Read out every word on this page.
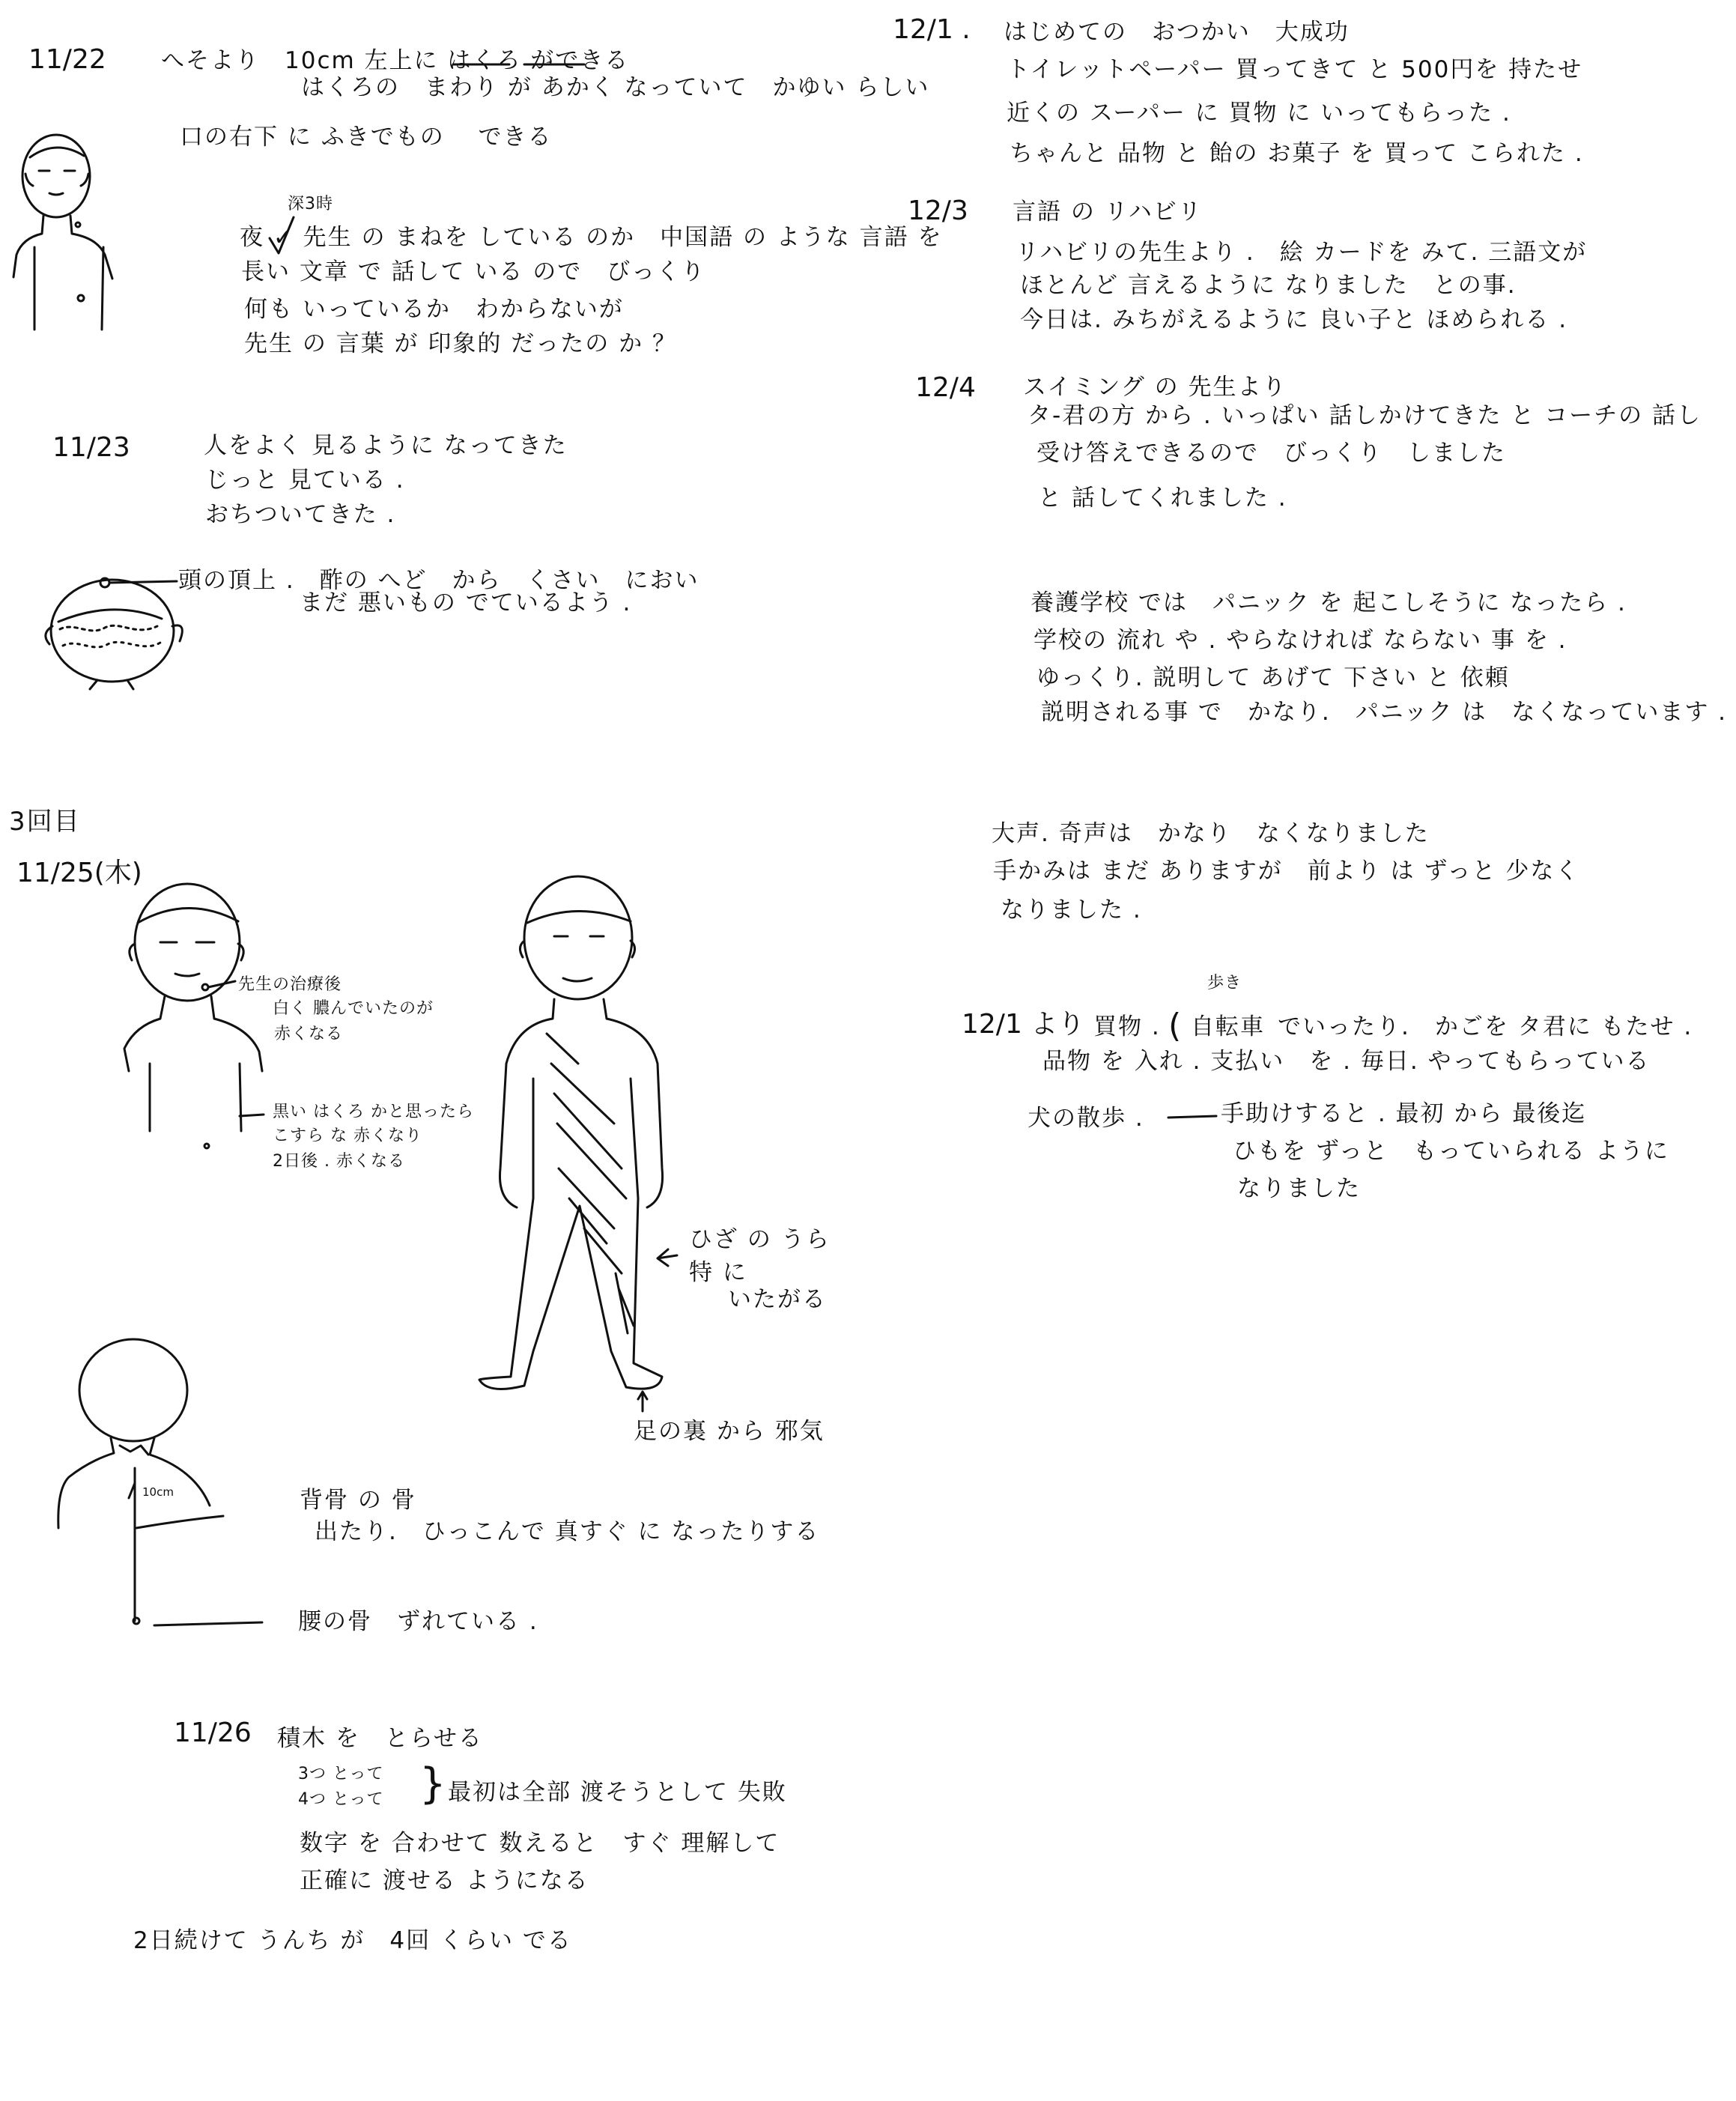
11/22 へそより　10cm 左上に はくろ ができる
はくろの　まわり が あかく なっていて　かゆい らしい
口の右下 に ふきでもの　 できる
深3時
夜 ✓ 先生 の まねを している のか　中国語 の ような 言語 を
長い 文章 で 話して いる ので　びっくり
何も いっているか　わからないが
先生 の 言葉 が 印象的 だったの か ？
11/23	人をよく 見るように なってきた
じっと 見ている .
おちついてきた .
頭の頂上 .　酢の へど　から　くさい　におい
まだ 悪いもの でているよう .
3回目
11/25(木)
先生の治療後
白く 膿んでいたのが
赤くなる
黒い はくろ かと思ったら
こすら な 赤くなり
2日後 . 赤くなる
ひざ の うら
特 に
いたがる
足の裏 から 邪気
10cm	背骨 の 骨
出たり.　ひっこんで 真すぐ に なったりする
腰の骨　ずれている .
11/26 積木 を　とらせる
3つ とって
4つ とって } 最初は全部 渡そうとして 失敗
数字 を 合わせて 数えると　すぐ 理解して
正確に 渡せる ようになる
2日続けて うんち が　4回 くらい でる
12/1 . はじめての　おつかい　大成功
トイレットペーパー 買ってきて と 500円を 持たせ
近くの スーパー に 買物 に いってもらった .
ちゃんと 品物 と 飴の お菓子 を 買って こられた .
12/3 言語 の リハビリ
リハビリの先生より .　絵 カードを みて. 三語文が
ほとんど 言えるように なりました　との事.
今日は. みちがえるように 良い子と ほめられる .
12/4 スイミング の 先生より
タ-君の方 から . いっぱい 話しかけてきた と コーチの 話し
受け答えできるので　びっくり　しました
と 話してくれました .
養護学校 では　パニック を 起こしそうに なったら .
学校の 流れ や . やらなければ ならない 事 を .
ゆっくり. 説明して あげて 下さい と 依頼
説明される事 で　かなり.　パニック は　なくなっています .
大声. 奇声は　かなり　なくなりました
手かみは まだ ありますが　前より は ずっと 少なく
なりました .
12/1 より
歩き
買物 . ( 自転車 でいったり.　かごを タ君に もたせ .
品物 を 入れ . 支払い　を . 毎日. やってもらっている
犬の散歩 .	手助けすると . 最初 から 最後迄
ひもを ずっと　もっていられる ように
なりました
